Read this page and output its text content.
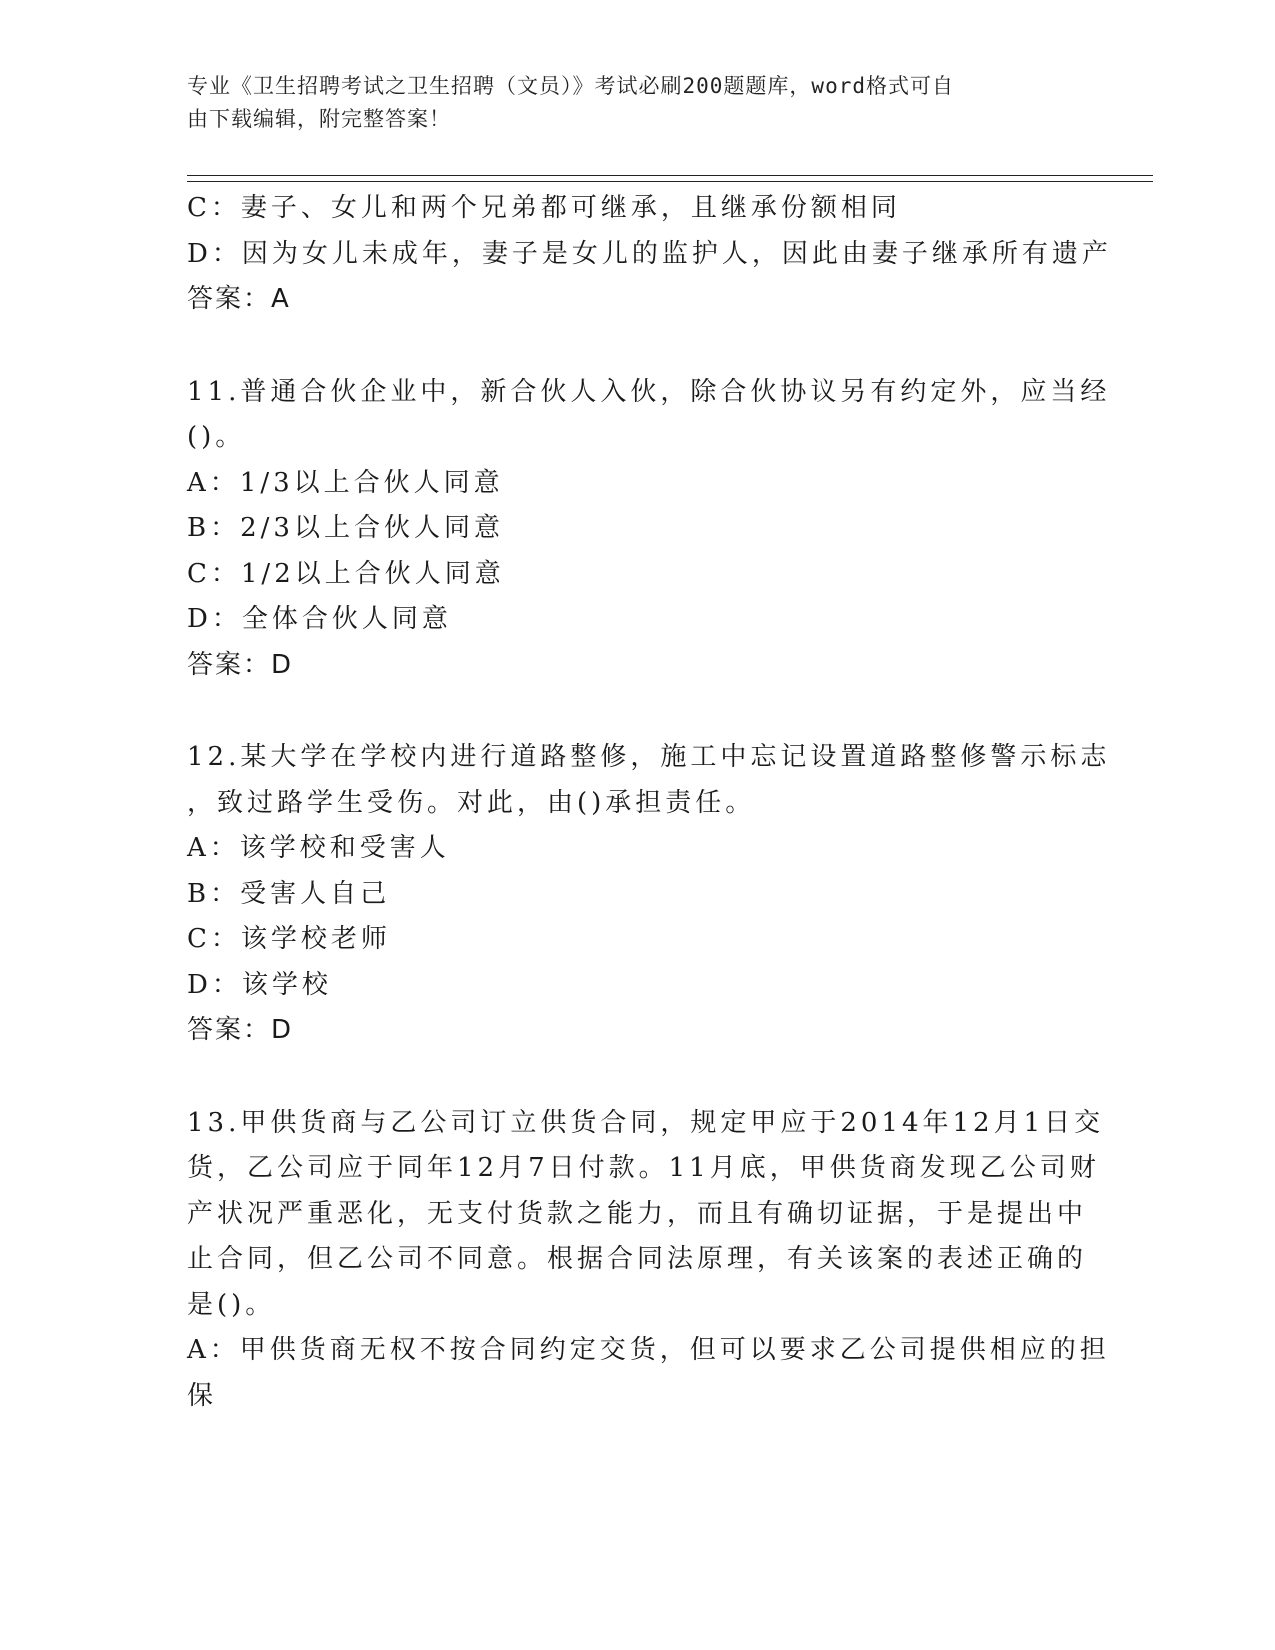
专业《卫生招聘考试之卫生招聘（文员）》考试必刷200题题库，word格式可自
由下载编辑，附完整答案！
C：妻子、女儿和两个兄弟都可继承，且继承份额相同
D：因为女儿未成年，妻子是女儿的监护人，因此由妻子继承所有遗产
答案：A
11.普通合伙企业中，新合伙人入伙，除合伙协议另有约定外，应当经
()。
A：1/3以上合伙人同意
B：2/3以上合伙人同意
C：1/2以上合伙人同意
D：全体合伙人同意
答案：D
12.某大学在学校内进行道路整修，施工中忘记设置道路整修警示标志
，致过路学生受伤。对此，由()承担责任。
A：该学校和受害人
B：受害人自己
C：该学校老师
D：该学校
答案：D
13.甲供货商与乙公司订立供货合同，规定甲应于2014年12月1日交
货，乙公司应于同年12月7日付款。11月底，甲供货商发现乙公司财
产状况严重恶化，无支付货款之能力，而且有确切证据，于是提出中
止合同，但乙公司不同意。根据合同法原理，有关该案的表述正确的
是()。
A：甲供货商无权不按合同约定交货，但可以要求乙公司提供相应的担
保
